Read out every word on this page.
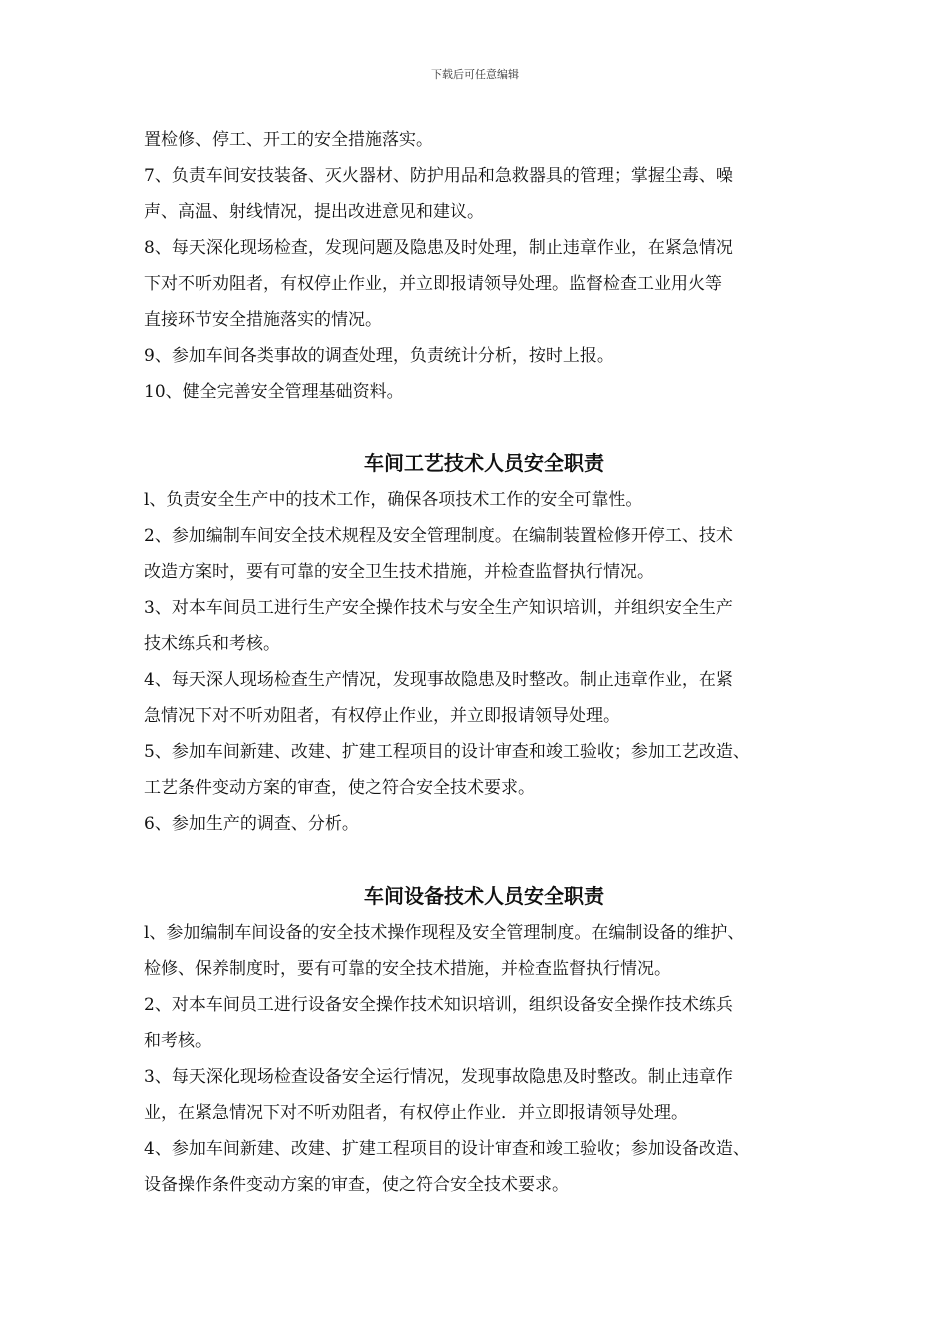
下载后可任意编辑

置检修、停工、开工的安全措施落实。

7、负责车间安技装备、灭火器材、防护用品和急救器具的管理；掌握尘毒、噪

声、高温、射线情况，提出改进意见和建议。

8、每天深化现场检查，发现问题及隐患及时处理，制止违章作业，在紧急情况

下对不听劝阻者，有权停止作业，并立即报请领导处理。监督检查工业用火等

直接环节安全措施落实的情况。

9、参加车间各类事故的调查处理，负责统计分析，按时上报。

10、健全完善安全管理基础资料。

车间工艺技术人员安全职责

l、负责安全生产中的技术工作，确保各项技术工作的安全可靠性。

2、参加编制车间安全技术规程及安全管理制度。在编制装置检修开停工、技术

改造方案时，要有可靠的安全卫生技术措施，并检查监督执行情况。

3、对本车间员工进行生产安全操作技术与安全生产知识培训，并组织安全生产

技术练兵和考核。

4、每天深人现场检查生产情况，发现事故隐患及时整改。制止违章作业，在紧

急情况下对不听劝阻者，有权停止作业，并立即报请领导处理。

5、参加车间新建、改建、扩建工程项目的设计审查和竣工验收；参加工艺改造、

工艺条件变动方案的审查，使之符合安全技术要求。

6、参加生产的调查、分析。

车间设备技术人员安全职责

l、参加编制车间设备的安全技术操作现程及安全管理制度。在编制设备的维护、

检修、保养制度时，要有可靠的安全技术措施，并检查监督执行情况。

2、对本车间员工进行设备安全操作技术知识培训，组织设备安全操作技术练兵

和考核。

3、每天深化现场检查设备安全运行情况，发现事故隐患及时整改。制止违章作

业，在紧急情况下对不听劝阻者，有权停止作业．并立即报请领导处理。

4、参加车间新建、改建、扩建工程项目的设计审查和竣工验收；参加设备改造、

设备操作条件变动方案的审查，使之符合安全技术要求。
